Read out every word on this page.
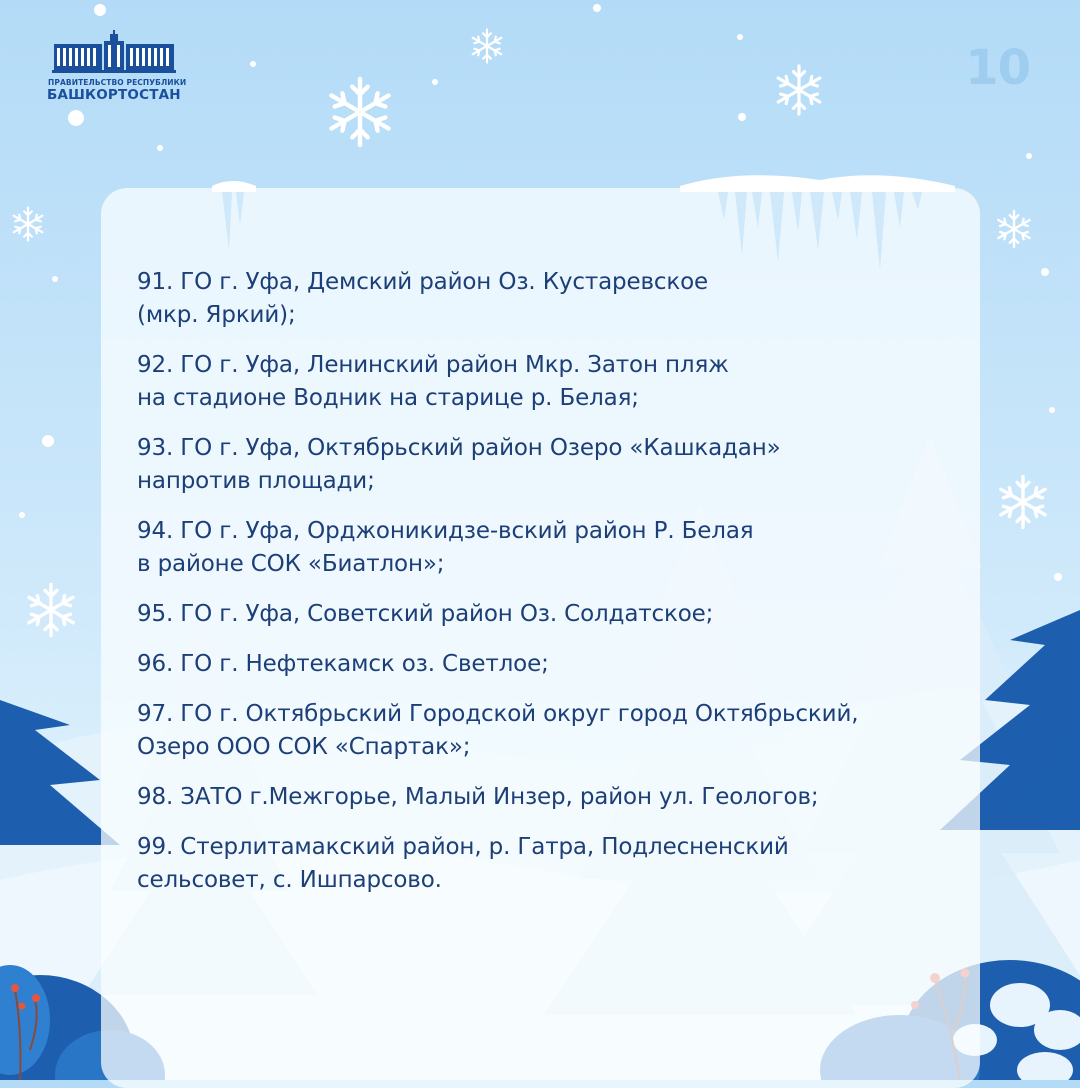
ПРАВИТЕЛЬСТВО РЕСПУБЛИКИ
БАШКОРТОСТАН	10
91. ГО г. Уфа, Демский район Оз. Кустаревское
(мкр. Яркий);
92. ГО г. Уфа, Ленинский район Мкр. Затон пляж
на стадионе Водник на старице р. Белая;
93. ГО г. Уфа, Октябрьский район Озеро «Кашкадан»
напротив площади;
94. ГО г. Уфа, Орджоникидзе-вский район Р. Белая
в районе СОК «Биатлон»;
95. ГО г. Уфа, Советский район Оз. Солдатское;
96. ГО г. Нефтекамск оз. Светлое;
97. ГО г. Октябрьский Городской округ город Октябрьский,
Озеро ООО СОК «Спартак»;
98. ЗАТО г.Межгорье, Малый Инзер, район ул. Геологов;
99. Стерлитамакский район, р. Гатра, Подлесненский
сельсовет, с. Ишпарсово.
